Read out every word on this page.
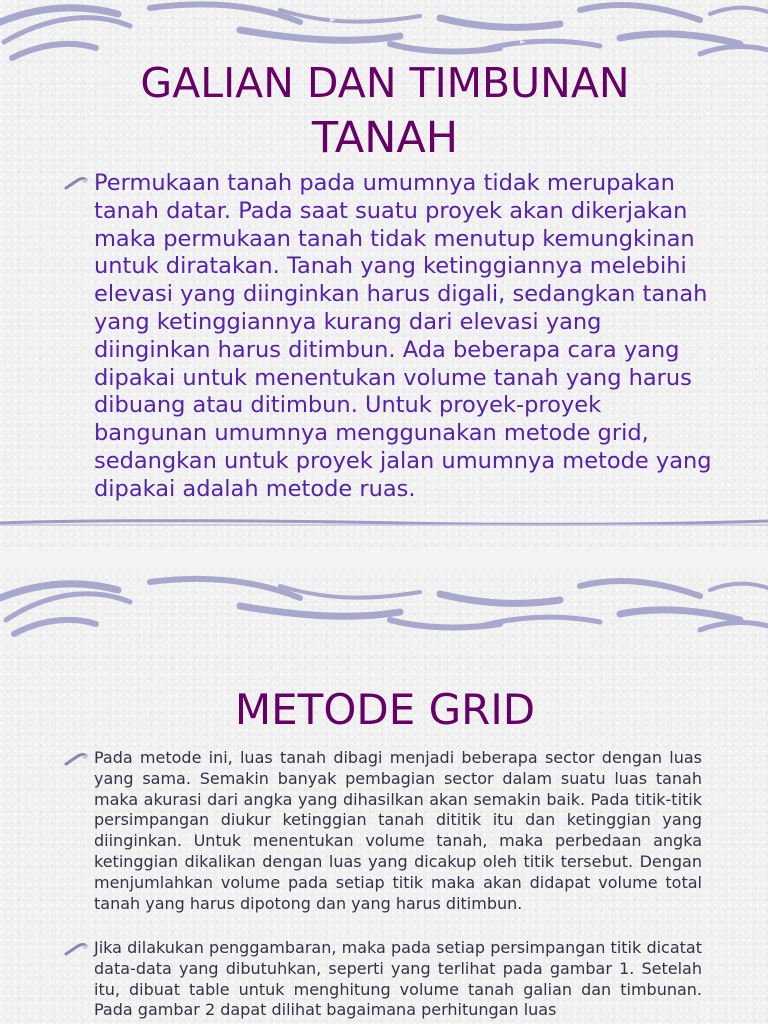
GALIAN DAN TIMBUNAN
TANAH

Permukaan tanah pada umumnya tidak merupakan tanah datar. Pada saat suatu proyek akan dikerjakan maka permukaan tanah tidak menutup kemungkinan untuk diratakan. Tanah yang ketinggiannya melebihi elevasi yang diinginkan harus digali, sedangkan tanah yang ketinggiannya kurang dari elevasi yang diinginkan harus ditimbun. Ada beberapa cara yang dipakai untuk menentukan volume tanah yang harus dibuang atau ditimbun. Untuk proyek-proyek bangunan umumnya menggunakan metode grid, sedangkan untuk proyek jalan umumnya metode yang dipakai adalah metode ruas.

METODE GRID

Pada metode ini, luas tanah dibagi menjadi beberapa sector dengan luas yang sama. Semakin banyak pembagian sector dalam suatu luas tanah maka akurasi dari angka yang dihasilkan akan semakin baik. Pada titik-titik persimpangan diukur ketinggian tanah dititik itu dan ketinggian yang diinginkan. Untuk menentukan volume tanah, maka perbedaan angka ketinggian dikalikan dengan luas yang dicakup oleh titik tersebut. Dengan menjumlahkan volume pada setiap titik maka akan didapat volume total tanah yang harus dipotong dan yang harus ditimbun.

Jika dilakukan penggambaran, maka pada setiap persimpangan titik dicatat data-data yang dibutuhkan, seperti yang terlihat pada gambar 1. Setelah itu, dibuat table untuk menghitung volume tanah galian dan timbunan. Pada gambar 2 dapat dilihat bagaimana perhitungan luas
